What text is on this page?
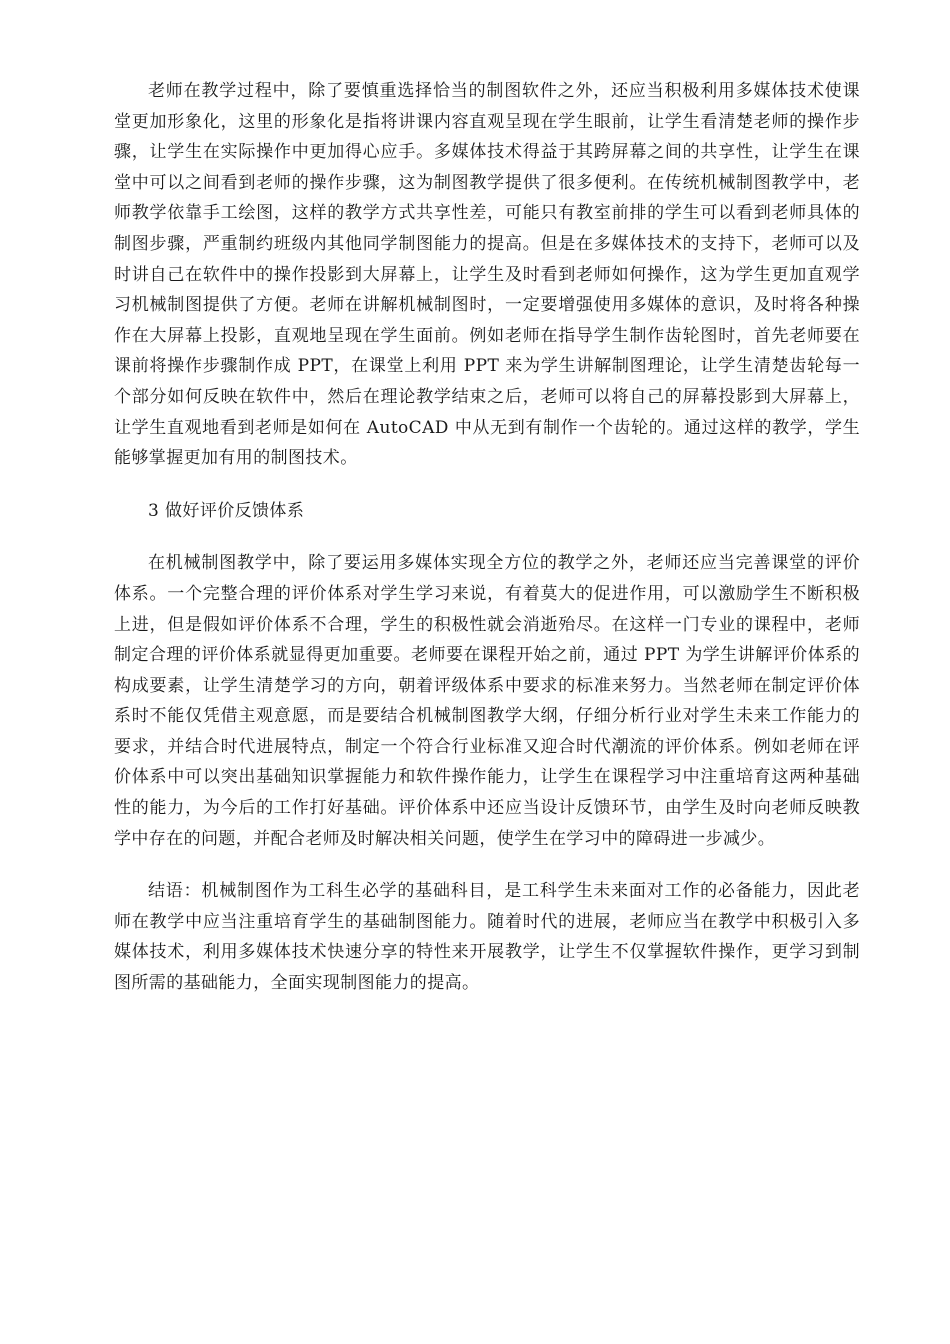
老师在教学过程中，除了要慎重选择恰当的制图软件之外，还应当积极利用多媒体技术使课堂更加形象化，这里的形象化是指将讲课内容直观呈现在学生眼前，让学生看清楚老师的操作步骤，让学生在实际操作中更加得心应手。多媒体技术得益于其跨屏幕之间的共享性，让学生在课堂中可以之间看到老师的操作步骤，这为制图教学提供了很多便利。在传统机械制图教学中，老师教学依靠手工绘图，这样的教学方式共享性差，可能只有教室前排的学生可以看到老师具体的制图步骤，严重制约班级内其他同学制图能力的提高。但是在多媒体技术的支持下，老师可以及时讲自己在软件中的操作投影到大屏幕上，让学生及时看到老师如何操作，这为学生更加直观学习机械制图提供了方便。老师在讲解机械制图时，一定要增强使用多媒体的意识，及时将各种操作在大屏幕上投影，直观地呈现在学生面前。例如老师在指导学生制作齿轮图时，首先老师要在课前将操作步骤制作成 PPT，在课堂上利用 PPT 来为学生讲解制图理论，让学生清楚齿轮每一个部分如何反映在软件中，然后在理论教学结束之后，老师可以将自己的屏幕投影到大屏幕上，让学生直观地看到老师是如何在 AutoCAD 中从无到有制作一个齿轮的。通过这样的教学，学生能够掌握更加有用的制图技术。

3 做好评价反馈体系

在机械制图教学中，除了要运用多媒体实现全方位的教学之外，老师还应当完善课堂的评价体系。一个完整合理的评价体系对学生学习来说，有着莫大的促进作用，可以激励学生不断积极上进，但是假如评价体系不合理，学生的积极性就会消逝殆尽。在这样一门专业的课程中，老师制定合理的评价体系就显得更加重要。老师要在课程开始之前，通过 PPT 为学生讲解评价体系的构成要素，让学生清楚学习的方向，朝着评级体系中要求的标准来努力。当然老师在制定评价体系时不能仅凭借主观意愿，而是要结合机械制图教学大纲，仔细分析行业对学生未来工作能力的要求，并结合时代进展特点，制定一个符合行业标准又迎合时代潮流的评价体系。例如老师在评价体系中可以突出基础知识掌握能力和软件操作能力，让学生在课程学习中注重培育这两种基础性的能力，为今后的工作打好基础。评价体系中还应当设计反馈环节，由学生及时向老师反映教学中存在的问题，并配合老师及时解决相关问题，使学生在学习中的障碍进一步减少。

结语：机械制图作为工科生必学的基础科目，是工科学生未来面对工作的必备能力，因此老师在教学中应当注重培育学生的基础制图能力。随着时代的进展，老师应当在教学中积极引入多媒体技术，利用多媒体技术快速分享的特性来开展教学，让学生不仅掌握软件操作，更学习到制图所需的基础能力，全面实现制图能力的提高。
